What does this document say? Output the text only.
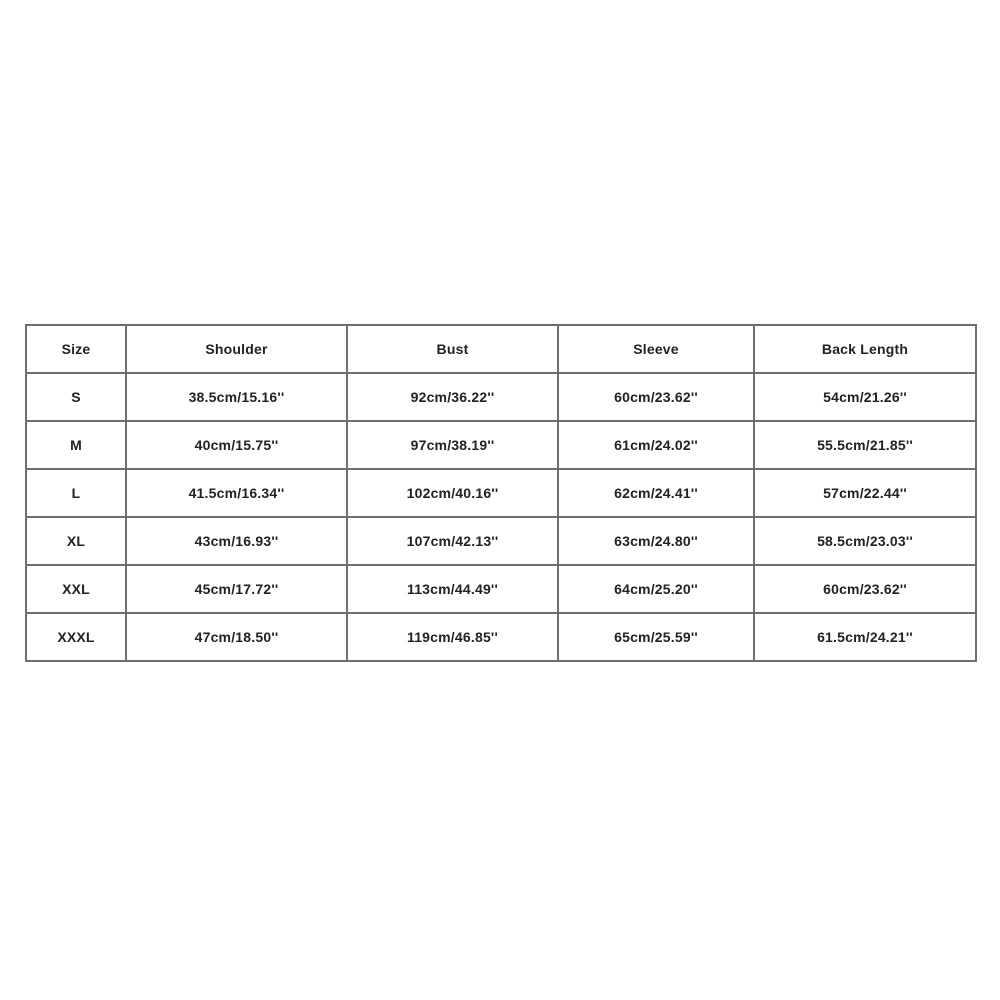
Size	Shoulder	Bust	Sleeve	Back Length
S	38.5cm/15.16''	92cm/36.22''	60cm/23.62''	54cm/21.26''
M	40cm/15.75''	97cm/38.19''	61cm/24.02''	55.5cm/21.85''
L	41.5cm/16.34''	102cm/40.16''	62cm/24.41''	57cm/22.44''
XL	43cm/16.93''	107cm/42.13''	63cm/24.80''	58.5cm/23.03''
XXL	45cm/17.72''	113cm/44.49''	64cm/25.20''	60cm/23.62''
XXXL	47cm/18.50''	119cm/46.85''	65cm/25.59''	61.5cm/24.21''
